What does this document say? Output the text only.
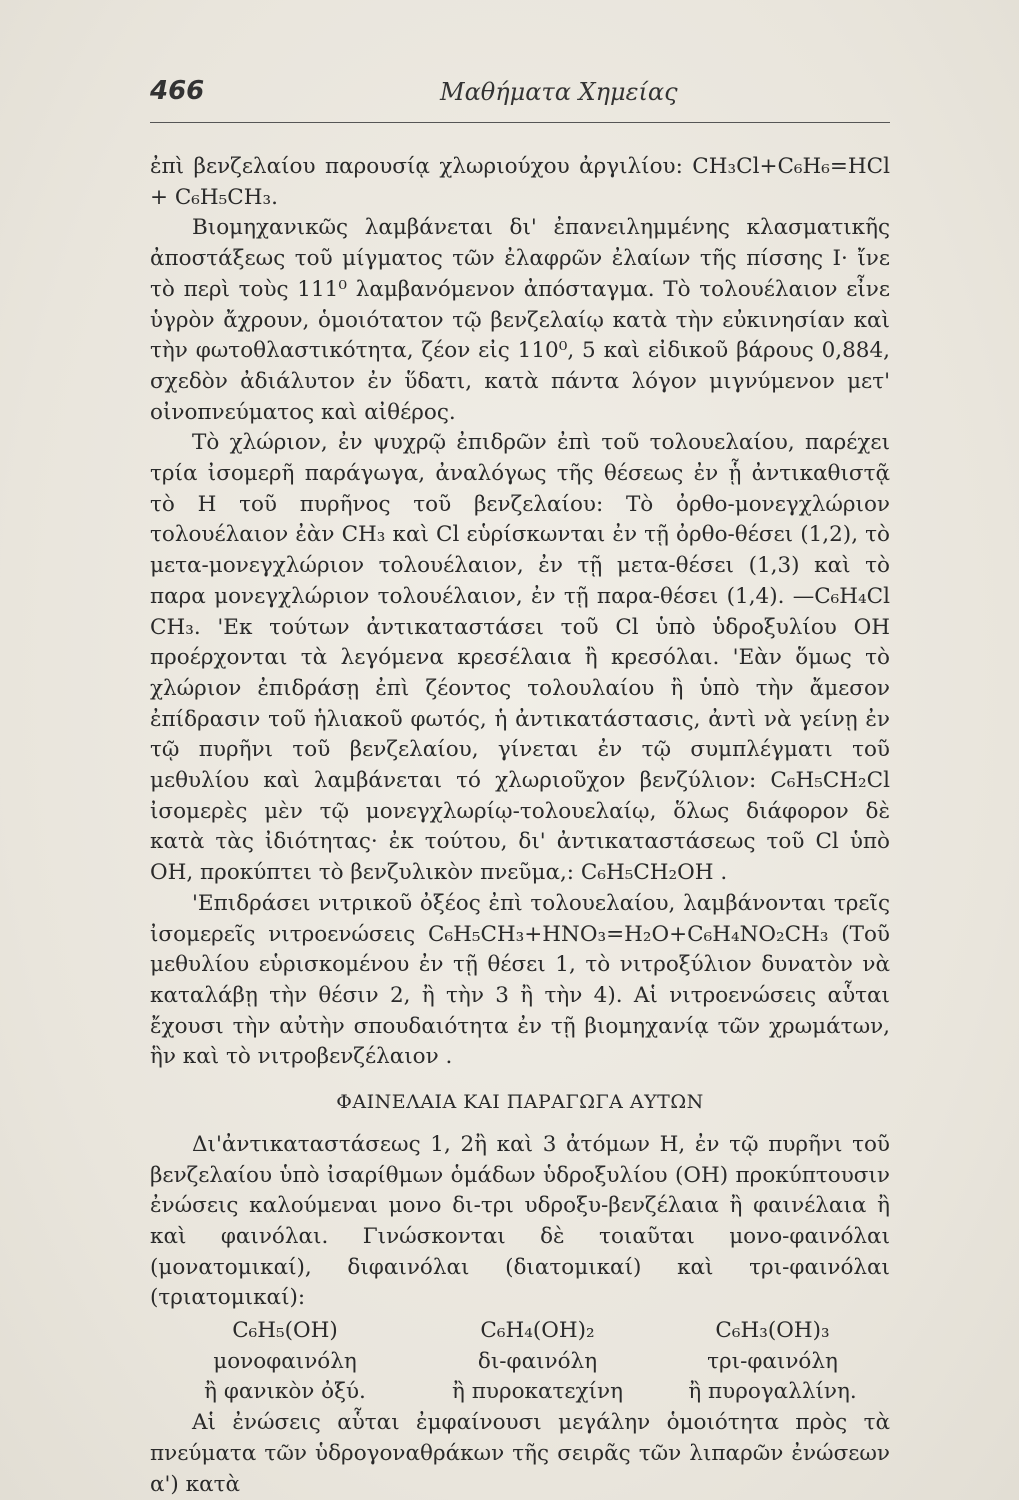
466	Μαθήματα Χημείας

ἐπὶ βενζελαίου παρουσίᾳ χλωριούχου ἀργιλίου: CH₃Cl+C₆H₆=HCl + C₆H₅CH₃.

Βιομηχανικῶς λαμβάνεται δι' ἐπανειλημμένης κλασματικῆς ἀποστάξεως τοῦ μίγματος τῶν ἐλαφρῶν ἐλαίων τῆς πίσσης Ι· ἴνε τὸ περὶ τοὺς 111⁰ λαμβανόμενον ἀπόσταγμα. Τὸ τολουέλαιον εἶνε ὑγρὸν ἄχρουν, ὁμοιότατον τῷ βενζελαίῳ κατὰ τὴν εὐκινησίαν καὶ τὴν φωτοθλαστικότητα, ζέον εἰς 110⁰, 5 καὶ εἰδικοῦ βάρους 0,884, σχεδὸν ἀδιάλυτον ἐν ὕδατι, κατὰ πάντα λόγον μιγνύμενον μετ' οἰνοπνεύματος καὶ αἰθέρος.

Τὸ χλώριον, ἐν ψυχρῷ ἐπιδρῶν ἐπὶ τοῦ τολουελαίου, παρέχει τρία ἰσομερῆ παράγωγα, ἀναλόγως τῆς θέσεως ἐν ᾗ ἀντικαθιστᾷ τὸ Η τοῦ πυρῆνος τοῦ βενζελαίου: Τὸ ὀρθο-μονεγχλώριον τολουέλαιον ἐὰν CH₃ καὶ Cl εὑρίσκωνται ἐν τῇ ὀρθο-θέσει (1,2), τὸ μετα-μονεγχλώριον τολουέλαιον, ἐν τῇ μετα-θέσει (1,3) καὶ τὸ παρα μονεγχλώριον τολουέλαιον, ἐν τῇ παρα-θέσει (1,4). —C₆H₄Cl CH₃. 'Εκ τούτων ἀντικαταστάσει τοῦ Cl ὑπὸ ὑδροξυλίου ΟΗ προέρχονται τὰ λεγόμενα κρεσέλαια ἢ κρεσόλαι. 'Εὰν ὅμως τὸ χλώριον ἐπιδράσῃ ἐπὶ ζέοντος τολουλαίου ἢ ὑπὸ τὴν ἄμεσον ἐπίδρασιν τοῦ ἡλιακοῦ φωτός, ἡ ἀντικατάστασις, ἀντὶ νὰ γείνῃ ἐν τῷ πυρῆνι τοῦ βενζελαίου, γίνεται ἐν τῷ συμπλέγματι τοῦ μεθυλίου καὶ λαμβάνεται τό χλωριοῦχον βενζύλιον: C₆H₅CH₂Cl ἰσομερὲς μὲν τῷ μονεγχλωρίῳ-τολουελαίῳ, ὅλως διάφορον δὲ κατὰ τὰς ἰδιότητας· ἐκ τούτου, δι' ἀντικαταστάσεως τοῦ Cl ὑπὸ ΟΗ, προκύπτει τὸ βενζυλικὸν πνεῦμα,: C₆H₅CH₂OH .

'Επιδράσει νιτρικοῦ ὀξέος ἐπὶ τολουελαίου, λαμβάνονται τρεῖς ἰσομερεῖς νιτροενώσεις C₆H₅CH₃+HNO₃=H₂O+C₆H₄NO₂CH₃ (Τοῦ μεθυλίου εὑρισκομένου ἐν τῇ θέσει 1, τὸ νιτροξύλιον δυνατὸν νὰ καταλάβῃ τὴν θέσιν 2, ἢ τὴν 3 ἢ τὴν 4). Αἱ νιτροενώσεις αὗται ἔχουσι τὴν αὐτὴν σπουδαιότητα ἐν τῇ βιομηχανίᾳ τῶν χρωμάτων, ἣν καὶ τὸ νιτροβενζέλαιον .

ΦΑΙΝΕΛΑΙΑ ΚΑΙ ΠΑΡΑΓΩΓΑ ΑΥΤΩΝ

Δι'ἀντικαταστάσεως 1, 2ἢ καὶ 3 ἀτόμων Η, ἐν τῷ πυρῆνι τοῦ βενζελαίου ὑπὸ ἰσαρίθμων ὁμάδων ὑδροξυλίου (ΟΗ) προκύπτουσιν ἐνώσεις καλούμεναι μονο δι-τρι υδροξυ-βενζέλαια ἢ φαινέλαια ἢ καὶ φαινόλαι. Γινώσκονται δὲ τοιαῦται μονο-φαινόλαι (μονατομικαί), διφαινόλαι (διατομικαί) καὶ τρι-φαινόλαι (τριατομικαί):

C₆H₅(OH)	C₆H₄(OH)₂	C₆H₃(OH)₃
μονοφαινόλη	δι-φαινόλη	τρι-φαινόλη
ἢ φανικὸν ὀξύ.	ἢ πυροκατεχίνη	ἢ πυρογαλλίνη.

Αἱ ἐνώσεις αὗται ἐμφαίνουσι μεγάλην ὁμοιότητα πρὸς τὰ πνεύματα τῶν ὑδρογοναθράκων τῆς σειρᾶς τῶν λιπαρῶν ἐνώσεων α') κατὰ
